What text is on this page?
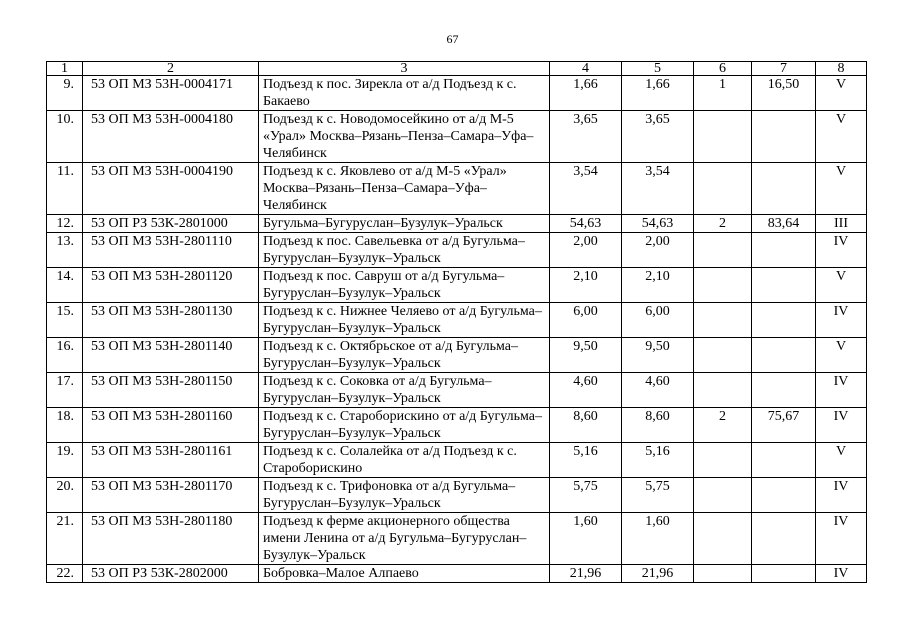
67
1	2	3	4	5	6	7	8
9.	53 ОП МЗ 53Н-0004171	Подъезд к пос. Зирекла от а/д Подъезд к с. Бакаево	1,66	1,66	1	16,50	V
10.	53 ОП МЗ 53Н-0004180	Подъезд к с. Новодомосейкино от а/д М-5 «Урал» Москва–Рязань–Пенза–Самара–Уфа–Челябинск	3,65	3,65			V
11.	53 ОП МЗ 53Н-0004190	Подъезд к с. Яковлево от а/д М-5 «Урал» Москва–Рязань–Пенза–Самара–Уфа–Челябинск	3,54	3,54			V
12.	53 ОП РЗ 53К-2801000	Бугульма–Бугуруслан–Бузулук–Уральск	54,63	54,63	2	83,64	III
13.	53 ОП МЗ 53Н-2801110	Подъезд к пос. Савельевка от а/д Бугульма–Бугуруслан–Бузулук–Уральск	2,00	2,00			IV
14.	53 ОП МЗ 53Н-2801120	Подъезд к пос. Савруш от а/д Бугульма–Бугуруслан–Бузулук–Уральск	2,10	2,10			V
15.	53 ОП МЗ 53Н-2801130	Подъезд к с. Нижнее Челяево от а/д Бугульма–Бугуруслан–Бузулук–Уральск	6,00	6,00			IV
16.	53 ОП МЗ 53Н-2801140	Подъезд к с. Октябрьское от а/д Бугульма–Бугуруслан–Бузулук–Уральск	9,50	9,50			V
17.	53 ОП МЗ 53Н-2801150	Подъезд к с. Соковка от а/д Бугульма–Бугуруслан–Бузулук–Уральск	4,60	4,60			IV
18.	53 ОП МЗ 53Н-2801160	Подъезд к с. Староборискино от а/д Бугульма–Бугуруслан–Бузулук–Уральск	8,60	8,60	2	75,67	IV
19.	53 ОП МЗ 53Н-2801161	Подъезд к с. Солалейка от а/д Подъезд к с. Староборискино	5,16	5,16			V
20.	53 ОП МЗ 53Н-2801170	Подъезд к с. Трифоновка от а/д Бугульма–Бугуруслан–Бузулук–Уральск	5,75	5,75			IV
21.	53 ОП МЗ 53Н-2801180	Подъезд к ферме акционерного общества имени Ленина от а/д Бугульма–Бугуруслан–Бузулук–Уральск	1,60	1,60			IV
22.	53 ОП РЗ 53К-2802000	Бобровка–Малое Алпаево	21,96	21,96			IV
